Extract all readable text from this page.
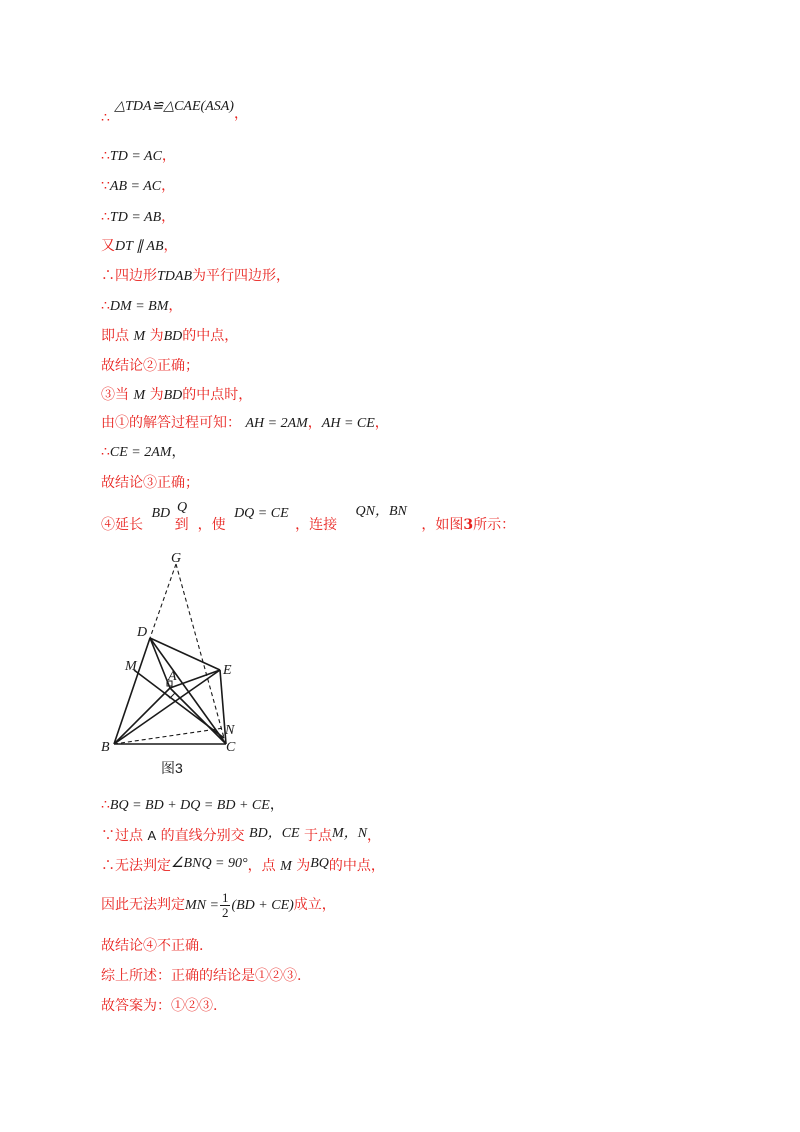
∴ △TDA≌△CAE(ASA)，
∴TD = AC，
∵AB = AC，
∴TD = AB，
又DT ∥ AB，
∴四边形TDAB为平行四边形，
∴DM = BM，
即点 M 为BD的中点，
故结论②正确；
③当 M 为BD的中点时，
由①的解答过程可知： AH = 2AM，AH = CE，
∴CE = 2AM，
故结论③正确；
④延长 BD 到 Q ，使 DQ = CE ，连接 QN，BN ，如图3所示：
G
D
M
A	E
N
B	C
图3
∴BQ = BD + DQ = BD + CE，
∵过点 A 的直线分别交 BD，CE 于点M，N，
∴无法判定∠BNQ = 90°，点 M 为BQ的中点，
因此无法判定MN = $\frac{1}{2} (BD + CE)$成立，
故结论④不正确.
综上所述：正确的结论是①②③.
故答案为：①②③.
